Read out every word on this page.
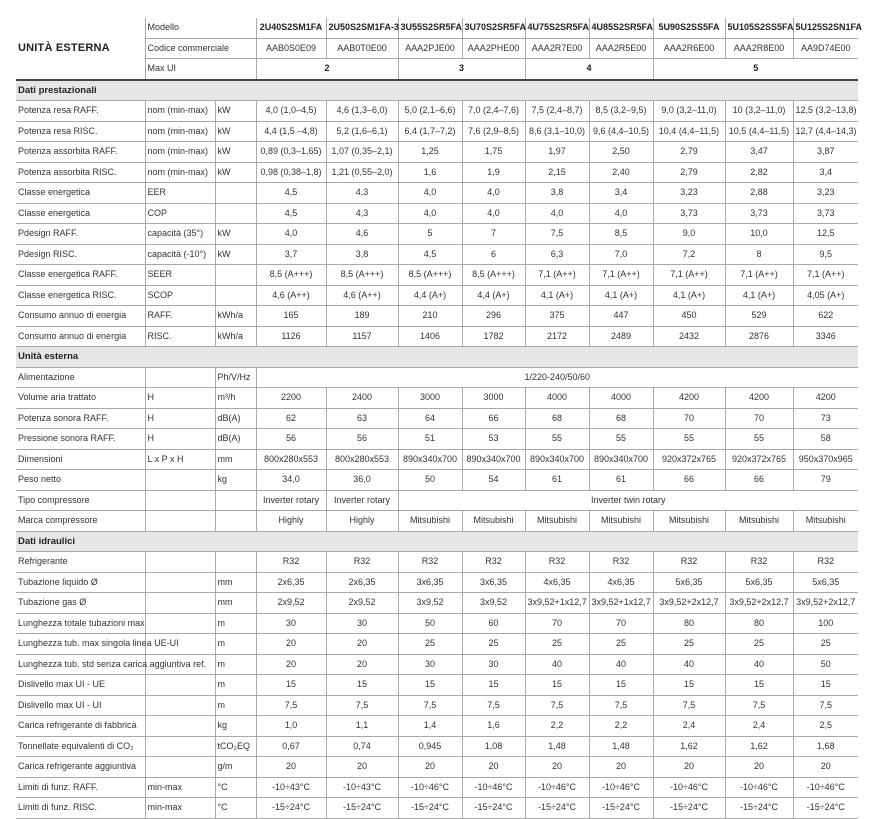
UNITÀ ESTERNA	Modello		2U40S2SM1FA	2U50S2SM1FA-3	3U55S2SR5FA	3U70S2SR5FA	4U75S2SR5FA	4U85S2SR5FA	5U90S2SS5FA	5U105S2SS5FA	5U125S2SN1FA
	Codice commerciale		AAB0S0E09	AAB0T0E00	AAA2PJE00	AAA2PHE00	AAA2R7E00	AAA2R5E00	AAA2R6E00	AAA2R8E00	AA9D74E00
	Max UI		2		3		4		5		
Dati prestazionali											
Potenza resa RAFF.	nom (min-max)	kW	4,0 (1,0–4,5)	4,6 (1,3–6,0)	5,0 (2,1–6,6)	7,0 (2,4–7,6)	7,5 (2,4–8,7)	8,5 (3,2–9,5)	9,0 (3,2–11,0)	10 (3,2–11,0)	12,5 (3,2–13,8)
Potenza resa RISC.	nom (min-max)	kW	4,4 (1,5 –4,8)	5,2 (1,6–6,1)	6,4 (1,7–7,2)	7,6 (2,9–8,5)	8,6 (3,1–10,0)	9,6 (4,4–10,5)	10,4 (4,4–11,5)	10,5 (4,4–11,5)	12,7 (4,4–14,3)
Potenza assorbita RAFF.	nom (min-max)	kW	0,89 (0,3–1,65)	1,07 (0,35–2,1)	1,25	1,75	1,97	2,50	2,79	3,47	3,87
Potenza assorbita RISC.	nom (min-max)	kW	0,98 (0,38–1,8)	1,21 (0,55–2,0)	1,6	1,9	2,15	2,40	2,79	2,82	3,4
Classe energetica	EER		4,5	4,3	4,0	4,0	3,8	3,4	3,23	2,88	3,23
Classe energetica	COP		4,5	4,3	4,0	4,0	4,0	4,0	3,73	3,73	3,73
Pdesign RAFF.	capacità (35°)	kW	4,0	4,6	5	7	7,5	8,5	9,0	10,0	12,5
Pdesign RISC.	capacità (-10°)	kW	3,7	3,8	4,5	6	6,3	7,0	7,2	8	9,5
Classe energetica RAFF.	SEER		8,5 (A+++)	8,5 (A+++)	8,5 (A+++)	8,5 (A+++)	7,1 (A++)	7,1 (A++)	7,1 (A++)	7,1 (A++)	7,1 (A++)
Classe energetica RISC.	SCOP		4,6 (A++)	4,6 (A++)	4,4 (A+)	4,4 (A+)	4,1 (A+)	4,1 (A+)	4,1 (A+)	4,1 (A+)	4,05 (A+)
Consumo annuo di energia	RAFF.	kWh/a	165	189	210	296	375	447	450	529	622
Consumo annuo di energia	RISC.	kWh/a	1126	1157	1406	1782	2172	2489	2432	2876	3346
Unità esterna											
Alimentazione		Ph/V/Hz	1/220-240/50/60								
Volume aria trattato	H	m³/h	2200	2400	3000	3000	4000	4000	4200	4200	4200
Potenza sonora RAFF.	H	dB(A)	62	63	64	66	68	68	70	70	73
Pressione sonora RAFF.	H	dB(A)	56	56	51	53	55	55	55	55	58
Dimensioni	L x P x H	mm	800x280x553	800x280x553	890x340x700	890x340x700	890x340x700	890x340x700	920x372x765	920x372x765	950x370x965
Peso netto		kg	34,0	36,0	50	54	61	61	66	66	79
Tipo compressore			Inverter rotary	Inverter rotary	Inverter twin rotary						
Marca compressore			Highly	Highly	Mitsubishi	Mitsubishi	Mitsubishi	Mitsubishi	Mitsubishi	Mitsubishi	Mitsubishi
Dati idraulici											
Refrigerante			R32	R32	R32	R32	R32	R32	R32	R32	R32
Tubazione liquido Ø		mm	2x6,35	2x6,35	3x6,35	3x6,35	4x6,35	4x6,35	5x6,35	5x6,35	5x6,35
Tubazione gas Ø		mm	2x9,52	2x9,52	3x9,52	3x9,52	3x9,52+1x12,7	3x9,52+1x12,7	3x9,52+2x12,7	3x9,52+2x12,7	3x9,52+2x12,7
Lunghezza totale tubazioni max		m	30	30	50	60	70	70	80	80	100
Lunghezza tub. max singola linea UE-UI		m	20	20	25	25	25	25	25	25	25
Lunghezza tub. std senza carica aggiuntiva ref.		m	20	20	30	30	40	40	40	40	50
Dislivello max UI - UE		m	15	15	15	15	15	15	15	15	15
Dislivello max UI - UI		m	7,5	7,5	7,5	7,5	7,5	7,5	7,5	7,5	7,5
Carica refrigerante di fabbrica		kg	1,0	1,1	1,4	1,6	2,2	2,2	2,4	2,4	2,5
Tonnellate equivalenti di CO₂		tCO₂EQ	0,67	0,74	0,945	1,08	1,48	1,48	1,62	1,62	1,68
Carica refrigerante aggiuntiva		g/m	20	20	20	20	20	20	20	20	20
Limiti di funz. RAFF.	min-max	°C	-10÷43°C	-10÷43°C	-10÷46°C	-10÷46°C	-10÷46°C	-10÷46°C	-10÷46°C	-10÷46°C	-10÷46°C
Limiti di funz. RISC.	min-max	°C	-15÷24°C	-15÷24°C	-15÷24°C	-15÷24°C	-15÷24°C	-15÷24°C	-15÷24°C	-15÷24°C	-15÷24°C
